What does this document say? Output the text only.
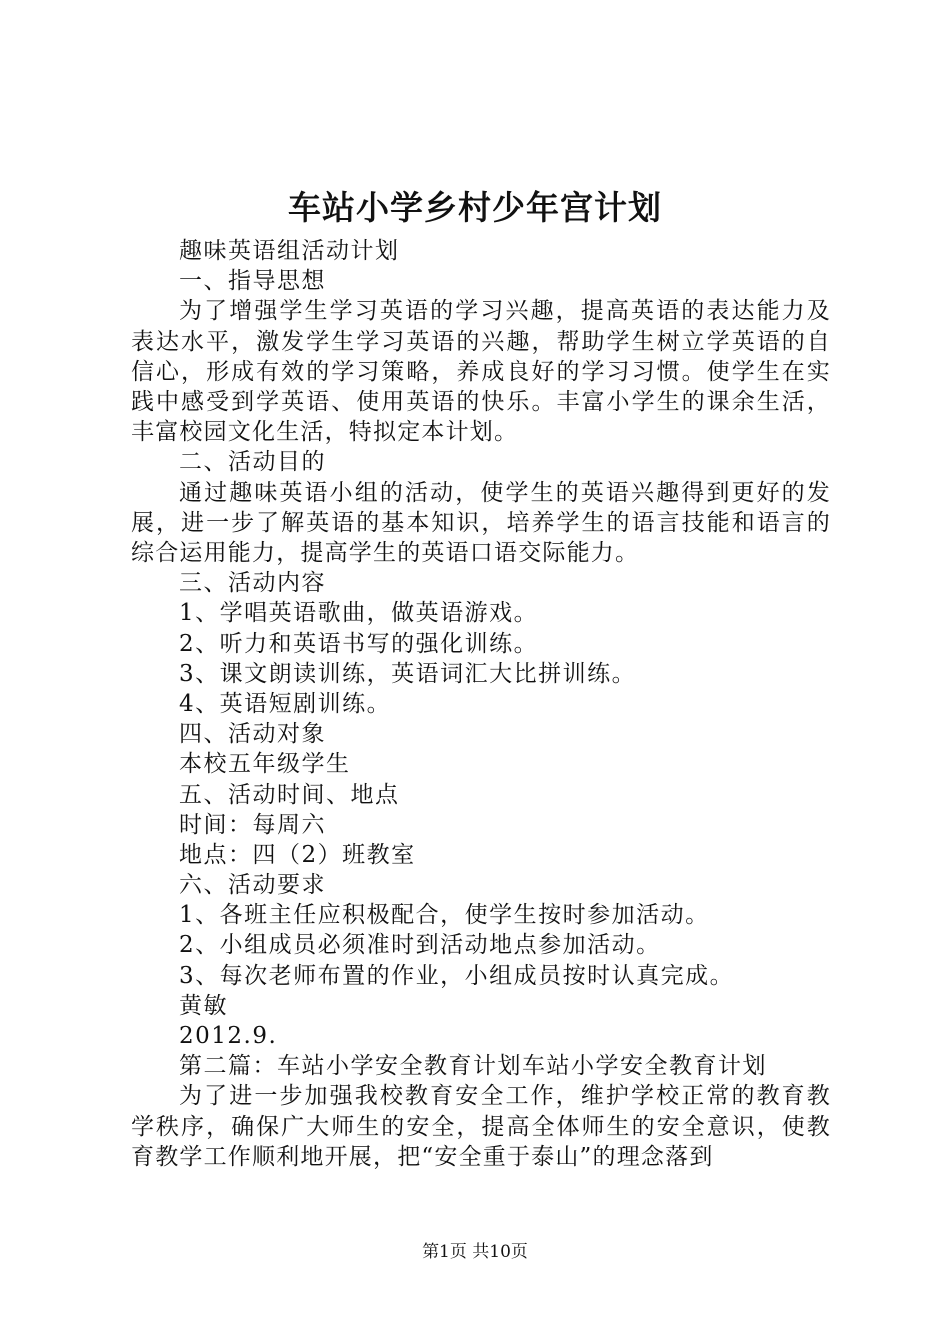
车站小学乡村少年宫计划
趣味英语组活动计划
一、指导思想
为了增强学生学习英语的学习兴趣，提高英语的表达能力及表达水平，激发学生学习英语的兴趣，帮助学生树立学英语的自信心，形成有效的学习策略，养成良好的学习习惯。使学生在实践中感受到学英语、使用英语的快乐。丰富小学生的课余生活，丰富校园文化生活，特拟定本计划。
二、活动目的
通过趣味英语小组的活动，使学生的英语兴趣得到更好的发展，进一步了解英语的基本知识，培养学生的语言技能和语言的综合运用能力，提高学生的英语口语交际能力。
三、活动内容
1、学唱英语歌曲，做英语游戏。
2、听力和英语书写的强化训练。
3、课文朗读训练，英语词汇大比拼训练。
4、英语短剧训练。
四、活动对象
本校五年级学生
五、活动时间、地点
时间：每周六
地点：四（2）班教室
六、活动要求
1、各班主任应积极配合，使学生按时参加活动。
2、小组成员必须准时到活动地点参加活动。
3、每次老师布置的作业，小组成员按时认真完成。
黄敏
2012.9.
第二篇：车站小学安全教育计划车站小学安全教育计划
为了进一步加强我校教育安全工作，维护学校正常的教育教学秩序，确保广大师生的安全，提高全体师生的安全意识，使教育教学工作顺利地开展，把“安全重于泰山”的理念落到
第1页 共10页
